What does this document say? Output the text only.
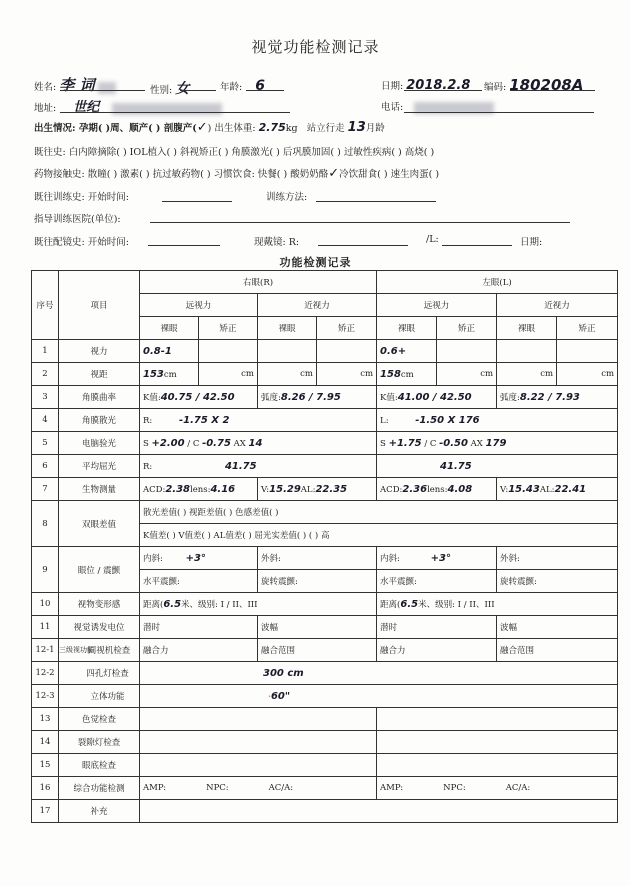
视觉功能检测记录
姓名: 李 词	性别: 女	年龄: 6	日期: 2018.2.8 编码: 180208A
地址: 世纪	电话:
出生情况: 孕期( )周、顺产( ) 剖腹产(✓) 出生体重: 2.75kg 站立行走 13月龄
既往史: 白内障摘除( ) IOL植入( ) 斜视矫正( ) 角膜激光( ) 后巩膜加固( ) 过敏性疾病( ) 高烧( )
药物接触史: 散瞳( ) 激素( ) 抗过敏药物( ) 习惯饮食: 快餐( ) 酸奶奶酪✓冷饮甜食( ) 速生肉蛋( )
既往训练史: 开始时间:	训练方法:
指导训练医院(单位):
既往配镜史: 开始时间:	现戴镜: R:	/L:	日期:
功能检测记录
序号	项目	右眼(R)				左眼(L)			
		远视力		近视力		远视力		近视力	
		裸眼	矫正	裸眼	矫正	裸眼	矫正	裸眼	矫正
1	视力	0.8-1				0.6+			
2	视距	153cm	cm	cm	cm	158cm	cm	cm	cm
3	角膜曲率	K值:40.75 / 42.50		弧度:8.26 / 7.95		K值:41.00 / 42.50		弧度:8.22 / 7.93	
4	角膜散光	R: -1.75 X 2				L: -1.50 X 176			
5	电脑验光	S +2.00 / C -0.75 AX 14				S +1.75 / C -0.50 AX 179			
6	平均屈光	R: 41.75				41.75			
7	生物测量	ACD:2.38lens:4.16		V:15.29AL:22.35		ACD:2.36lens:4.08		V:15.43AL:22.41	
8	双眼差值	散光差值( ) 视距差值( ) 色感差值( )							
		K值差( ) V值差( ) AL值差( ) 屈光实差值( ) ( ) 高							
9	眼位 / 震颤	内斜: +3°		外斜:		内斜: +3°		外斜:	
		水平震颤:		旋转震颤:		水平震颤:		旋转震颤:	
10	视物变形感	距离(6.5米、级别: I / II、III				距离(6.5米、级别: I / II、III			
11	视觉诱发电位	潜时		波幅		潜时		波幅	
12-1	三级视功能
同视机检查	融合力		融合范围		融合力		融合范围	
12-2	四孔灯检查	300 cm							
12-3	立体功能	·60"							
13	色觉检查								
14	裂隙灯检查								
15	眼底检查								
16	综合功能检测	AMP: NPC: AC/A:				AMP: NPC: AC/A:			
17	补充								
